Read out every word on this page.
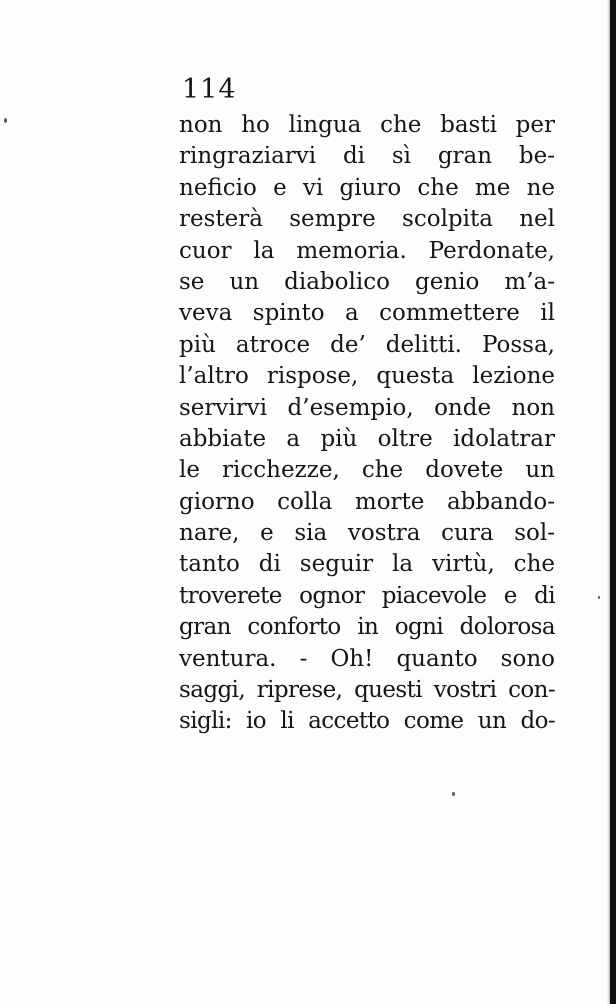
114

non ho lingua che basti per
ringraziarvi di sì gran be-
neficio e vi giuro che me ne
resterà sempre scolpita nel
cuor la memoria. Perdonate,
se un diabolico genio m’a-
veva spinto a commettere il
più atroce de’ delitti. Possa,
l’altro rispose, questa lezione
servirvi d’esempio, onde non
abbiate a più oltre idolatrar
le ricchezze, che dovete un
giorno colla morte abbando-
nare, e sia vostra cura sol-
tanto di seguir la virtù, che
troverete ognor piacevole e di
gran conforto in ogni dolorosa
ventura. - Oh! quanto sono
saggi, riprese, questi vostri con-
sigli: io li accetto come un do-
